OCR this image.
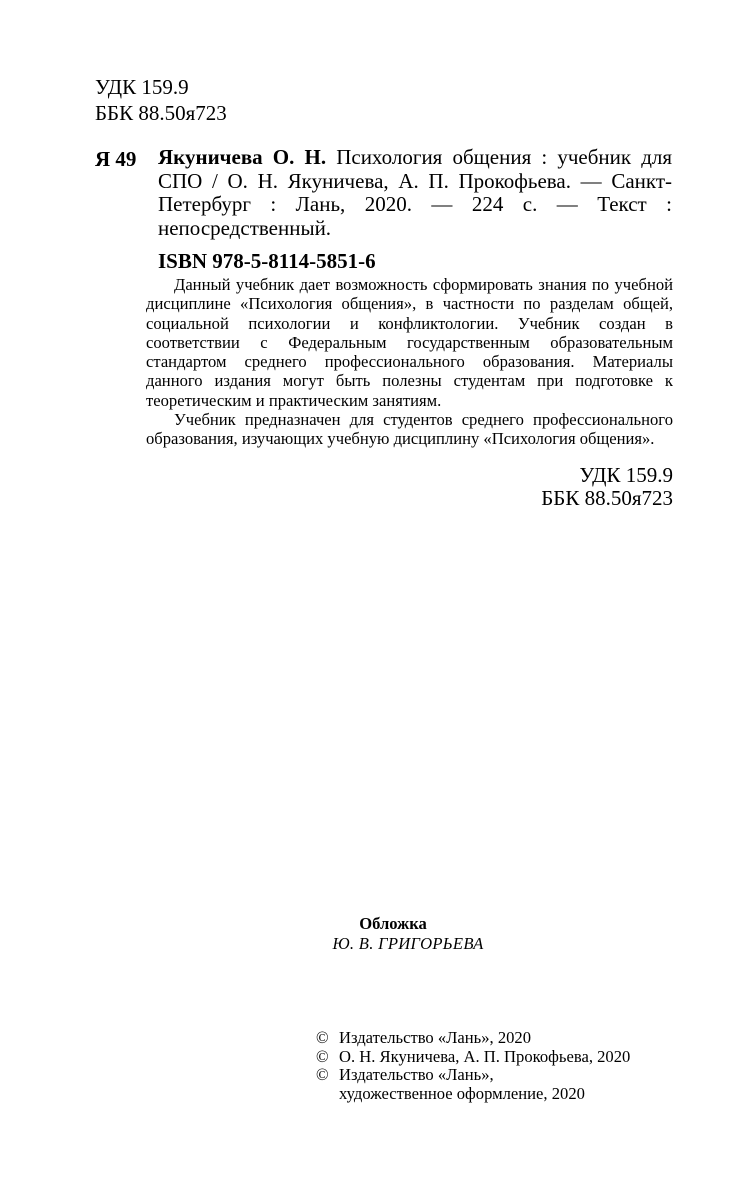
УДК 159.9
ББК 88.50я723
Я 49 Якуничева О. Н. Психология общения : учебник для СПО / О. Н. Якуничева, А. П. Прокофьева. — Санкт-Петербург : Лань, 2020. — 224 с. — Текст : непосредственный.
ISBN 978-5-8114-5851-6

Данный учебник дает возможность сформировать знания по учебной дисциплине «Психология общения», в частности по разделам общей, социальной психологии и конфликтологии. Учебник создан в соответствии с Федеральным государственным образовательным стандартом среднего профессионального образования. Материалы данного издания могут быть полезны студентам при подготовке к теоретическим и практическим занятиям.

Учебник предназначен для студентов среднего профессионального образования, изучающих учебную дисциплину «Психология общения».

УДК 159.9
ББК 88.50я723
Обложка
Ю. В. ГРИГОРЬЕВА
© Издательство «Лань», 2020
© О. Н. Якуничева, А. П. Прокофьева, 2020
© Издательство «Лань»,
художественное оформление, 2020
